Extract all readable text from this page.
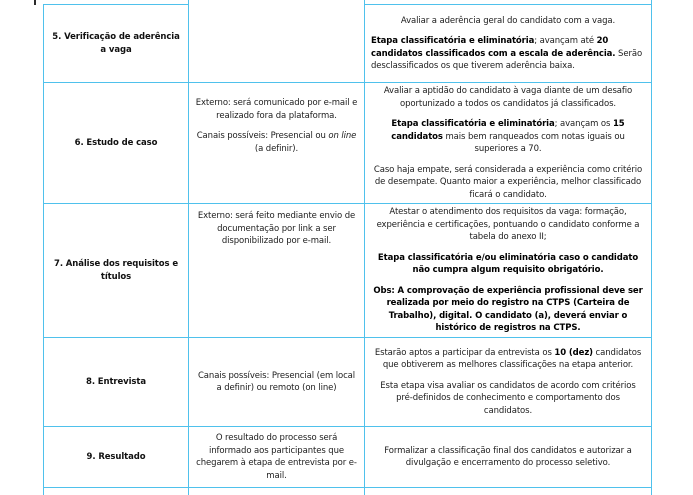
5. Verificação de aderência a vaga

Avaliar a aderência geral do candidato com a vaga.

Etapa classificatória e eliminatória; avançam até 20 candidatos classificados com a escala de aderência. Serão desclassificados os que tiverem aderência baixa.

6. Estudo de caso

Externo: será comunicado por e-mail e realizado fora da plataforma.

Canais possíveis: Presencial ou on line (a definir).

Avaliar a aptidão do candidato à vaga diante de um desafio oportunizado a todos os candidatos já classificados.

Etapa classificatória e eliminatória; avançam os 15 candidatos mais bem ranqueados com notas iguais ou superiores a 70.

Caso haja empate, será considerada a experiência como critério de desempate. Quanto maior a experiência, melhor classificado ficará o candidato.

7. Análise dos requisitos e títulos

Externo: será feito mediante envio de documentação por link a ser disponibilizado por e-mail.

Atestar o atendimento dos requisitos da vaga: formação, experiência e certificações, pontuando o candidato conforme a tabela do anexo II;

Etapa classificatória e/ou eliminatória caso o candidato não cumpra algum requisito obrigatório.

Obs: A comprovação de experiência profissional deve ser realizada por meio do registro na CTPS (Carteira de Trabalho), digital. O candidato (a), deverá enviar o histórico de registros na CTPS.

8. Entrevista

Canais possíveis: Presencial (em local a definir) ou remoto (on line)

Estarão aptos a participar da entrevista os 10 (dez) candidatos que obtiverem as melhores classificações na etapa anterior.

Esta etapa visa avaliar os candidatos de acordo com critérios pré-definidos de conhecimento e comportamento dos candidatos.

9. Resultado

O resultado do processo será informado aos participantes que chegarem à etapa de entrevista por e-mail.

Formalizar a classificação final dos candidatos e autorizar a divulgação e encerramento do processo seletivo.
